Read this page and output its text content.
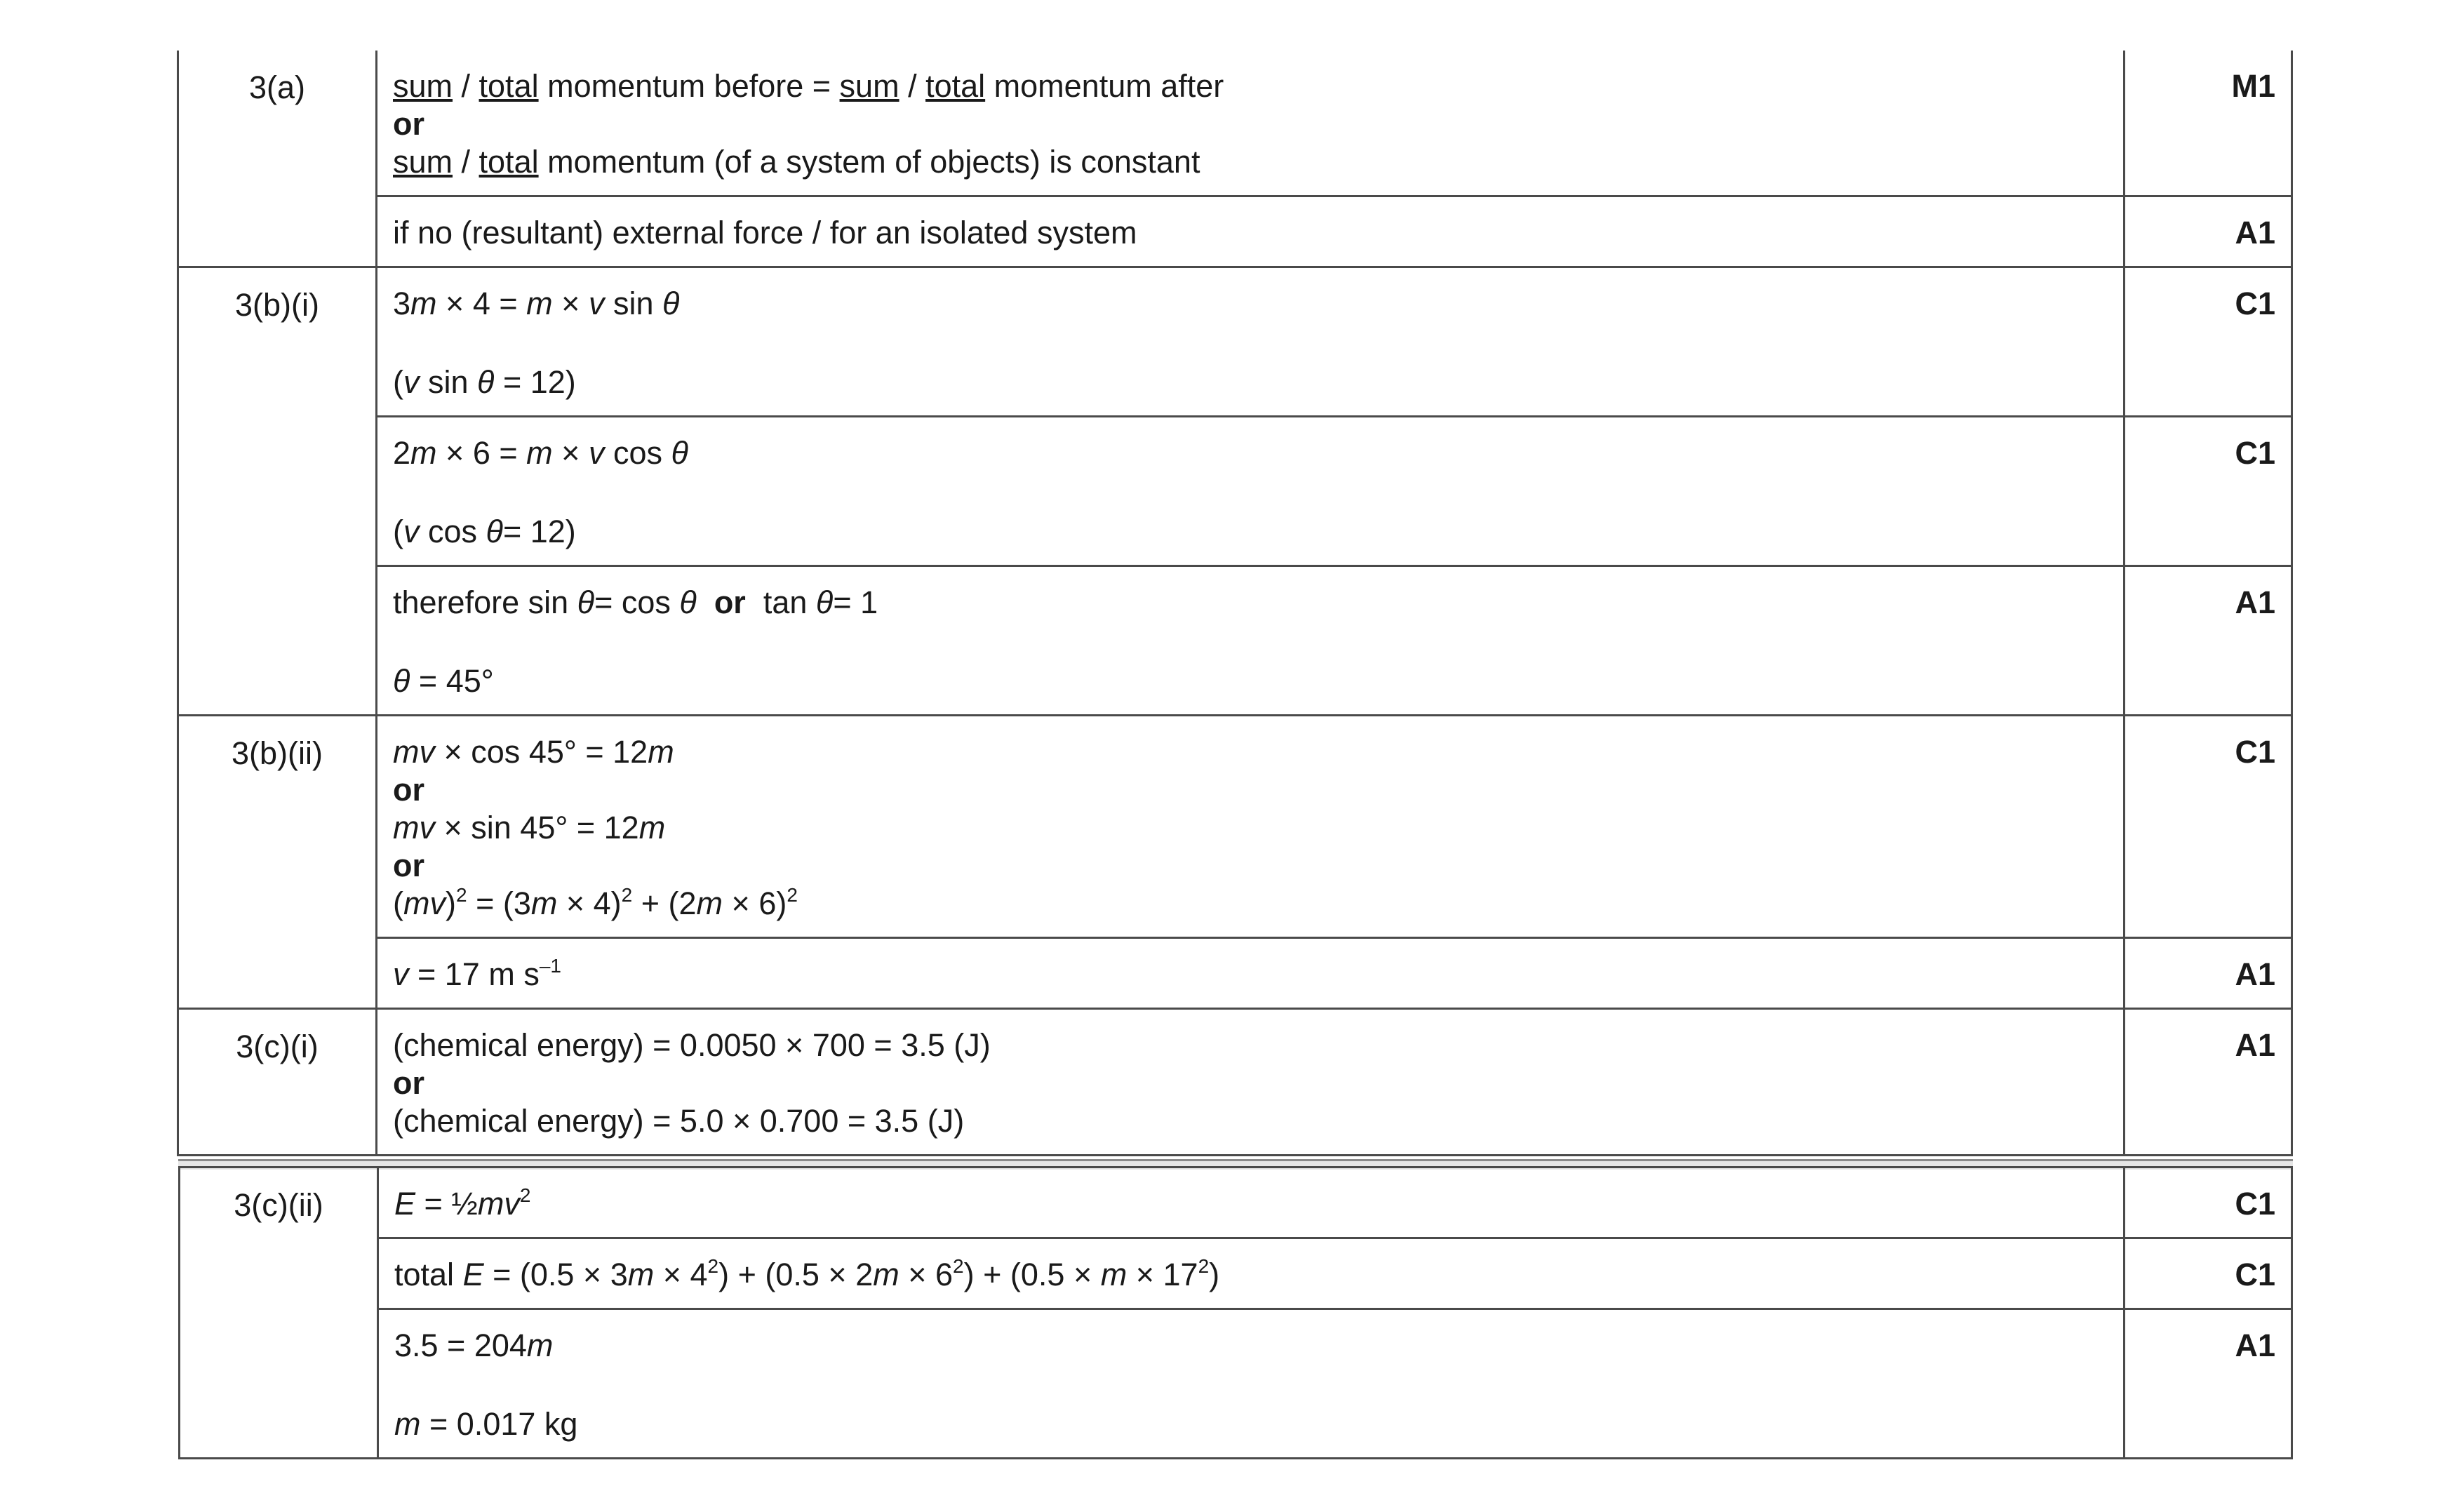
3(a)	sum / total momentum before = sum / total momentum after
or
sum / total momentum (of a system of objects) is constant	M1

	if no (resultant) external force / for an isolated system	A1
3(b)(i)	3m × 4 = m × v sin θ
(v sin θ = 12)	C1

	2m × 6 = m × v cos θ
(v cos θ= 12)	C1

	therefore sin θ= cos θ or tan θ= 1
θ = 45°	A1
3(b)(ii)	mv × cos 45° = 12m
or
mv × sin 45° = 12m
or
$(mv)^2 = (3m \times 4)^2 + (2m \times 6)^2$	C1

	v = 17 m $s^{-1}$	A1
3(c)(i)	(chemical energy) = 0.0050 × 700 = 3.5 (J)
or
(chemical energy) = 5.0 × 0.700 = 3.5 (J)	A1
3(c)(ii)	$E = \frac{1}{2}mv^2$	C1

	total $E = (0.5 \times 3m \times 4^2) + (0.5 \times 2m \times 6^2) + (0.5 \times m \times 17^2)$	C1

	3.5 = 204m
m = 0.017 kg	A1
